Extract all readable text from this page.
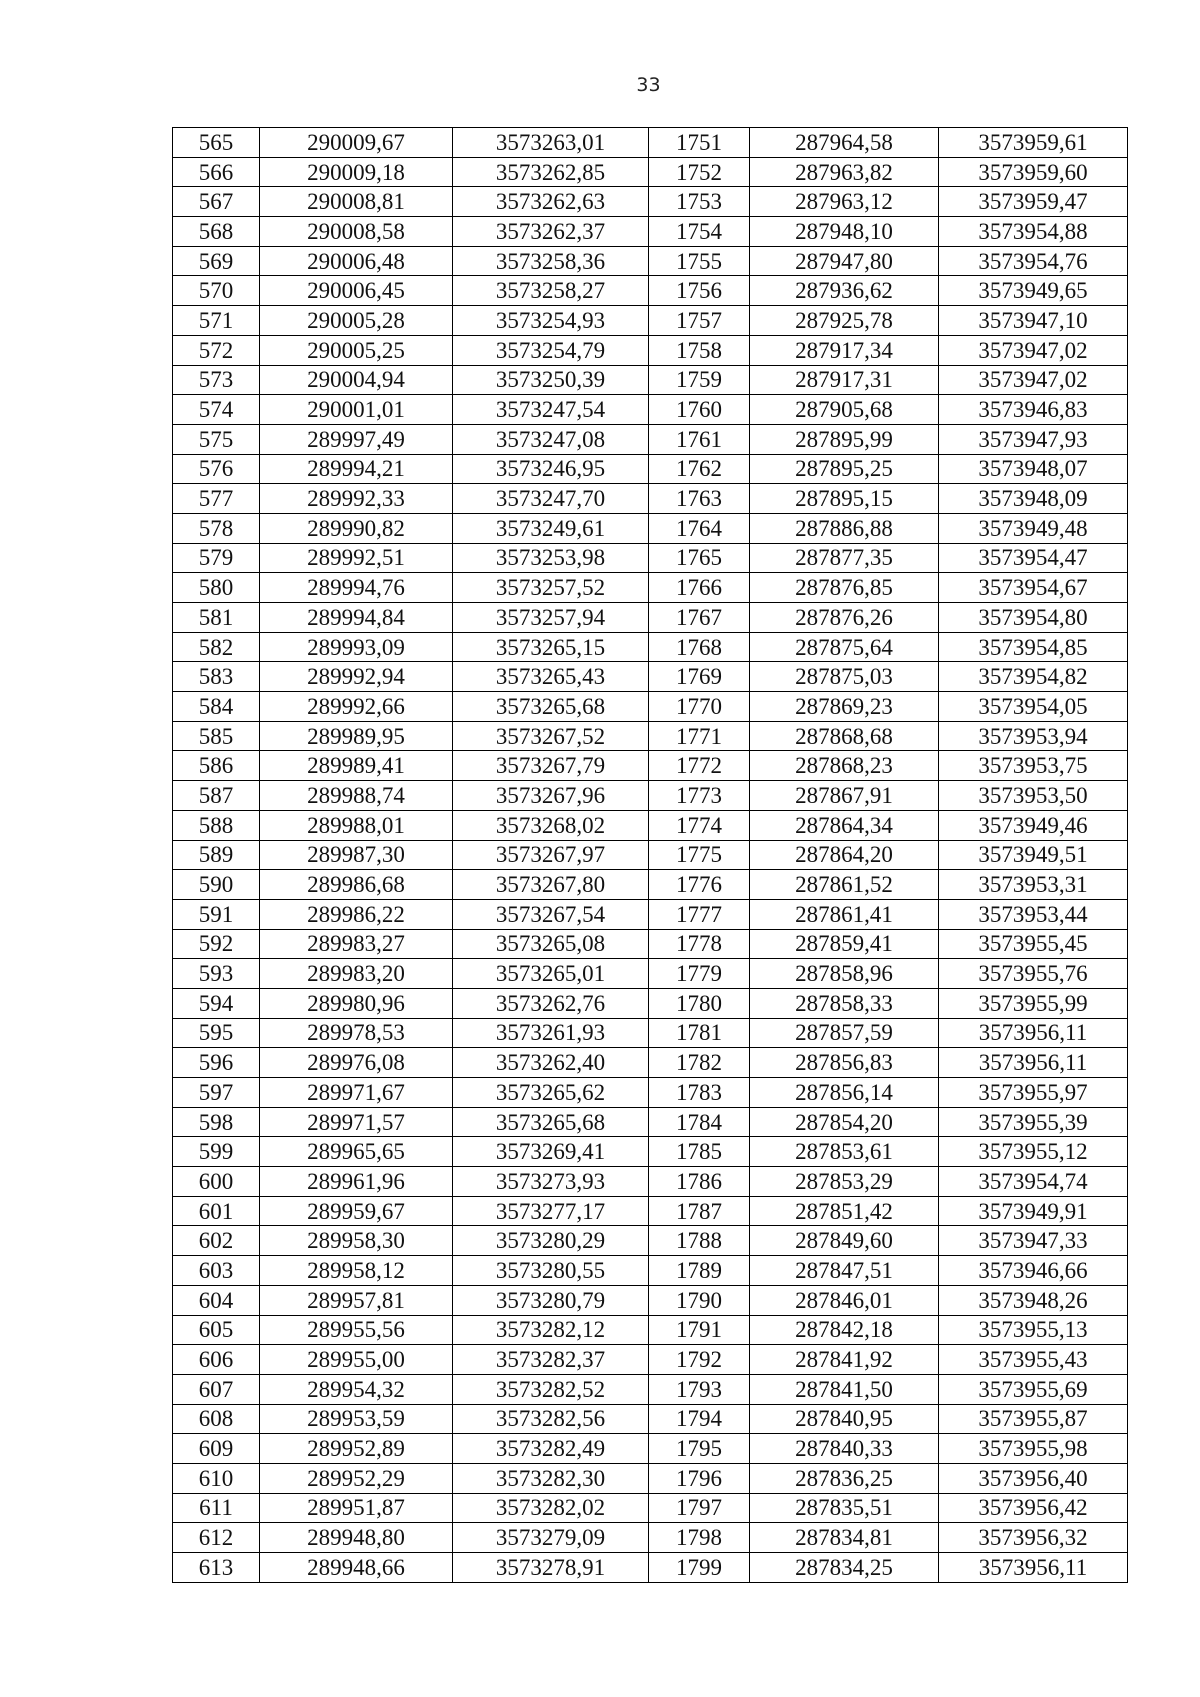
33
565	290009,67	3573263,01	1751	287964,58	3573959,61
566	290009,18	3573262,85	1752	287963,82	3573959,60
567	290008,81	3573262,63	1753	287963,12	3573959,47
568	290008,58	3573262,37	1754	287948,10	3573954,88
569	290006,48	3573258,36	1755	287947,80	3573954,76
570	290006,45	3573258,27	1756	287936,62	3573949,65
571	290005,28	3573254,93	1757	287925,78	3573947,10
572	290005,25	3573254,79	1758	287917,34	3573947,02
573	290004,94	3573250,39	1759	287917,31	3573947,02
574	290001,01	3573247,54	1760	287905,68	3573946,83
575	289997,49	3573247,08	1761	287895,99	3573947,93
576	289994,21	3573246,95	1762	287895,25	3573948,07
577	289992,33	3573247,70	1763	287895,15	3573948,09
578	289990,82	3573249,61	1764	287886,88	3573949,48
579	289992,51	3573253,98	1765	287877,35	3573954,47
580	289994,76	3573257,52	1766	287876,85	3573954,67
581	289994,84	3573257,94	1767	287876,26	3573954,80
582	289993,09	3573265,15	1768	287875,64	3573954,85
583	289992,94	3573265,43	1769	287875,03	3573954,82
584	289992,66	3573265,68	1770	287869,23	3573954,05
585	289989,95	3573267,52	1771	287868,68	3573953,94
586	289989,41	3573267,79	1772	287868,23	3573953,75
587	289988,74	3573267,96	1773	287867,91	3573953,50
588	289988,01	3573268,02	1774	287864,34	3573949,46
589	289987,30	3573267,97	1775	287864,20	3573949,51
590	289986,68	3573267,80	1776	287861,52	3573953,31
591	289986,22	3573267,54	1777	287861,41	3573953,44
592	289983,27	3573265,08	1778	287859,41	3573955,45
593	289983,20	3573265,01	1779	287858,96	3573955,76
594	289980,96	3573262,76	1780	287858,33	3573955,99
595	289978,53	3573261,93	1781	287857,59	3573956,11
596	289976,08	3573262,40	1782	287856,83	3573956,11
597	289971,67	3573265,62	1783	287856,14	3573955,97
598	289971,57	3573265,68	1784	287854,20	3573955,39
599	289965,65	3573269,41	1785	287853,61	3573955,12
600	289961,96	3573273,93	1786	287853,29	3573954,74
601	289959,67	3573277,17	1787	287851,42	3573949,91
602	289958,30	3573280,29	1788	287849,60	3573947,33
603	289958,12	3573280,55	1789	287847,51	3573946,66
604	289957,81	3573280,79	1790	287846,01	3573948,26
605	289955,56	3573282,12	1791	287842,18	3573955,13
606	289955,00	3573282,37	1792	287841,92	3573955,43
607	289954,32	3573282,52	1793	287841,50	3573955,69
608	289953,59	3573282,56	1794	287840,95	3573955,87
609	289952,89	3573282,49	1795	287840,33	3573955,98
610	289952,29	3573282,30	1796	287836,25	3573956,40
611	289951,87	3573282,02	1797	287835,51	3573956,42
612	289948,80	3573279,09	1798	287834,81	3573956,32
613	289948,66	3573278,91	1799	287834,25	3573956,11
